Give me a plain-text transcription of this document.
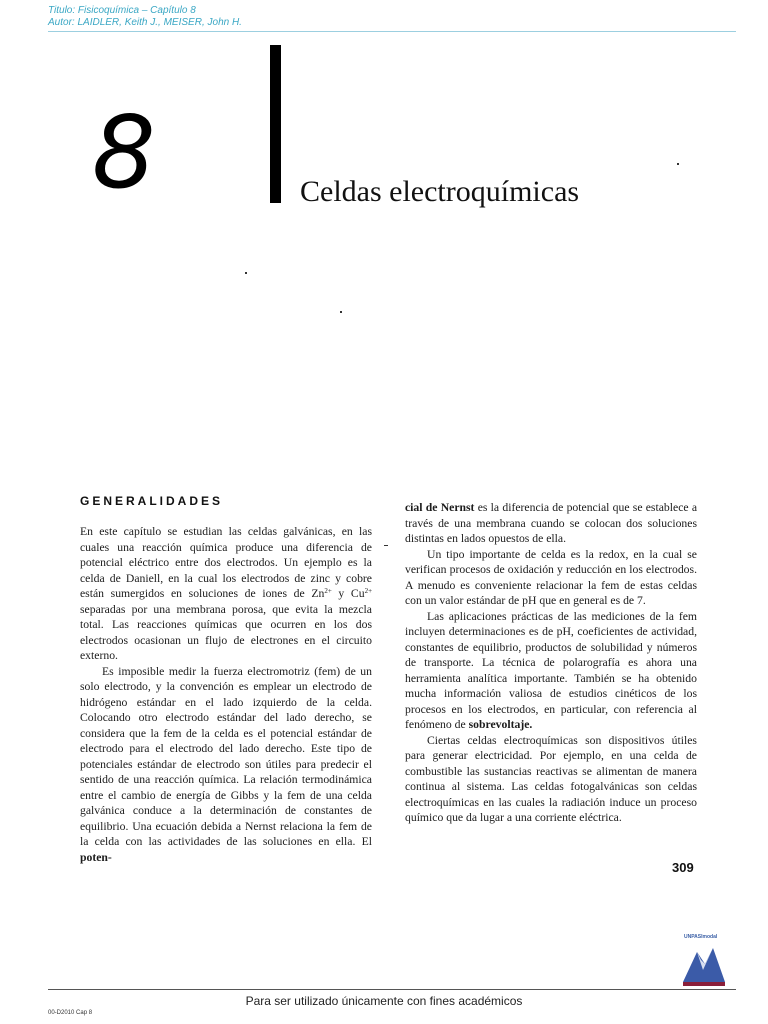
Titulo: Fisicoquímica – Capítulo 8
Autor: LAIDLER, Keith J., MEISER, John H.
8	Celdas electroquímicas
GENERALIDADES

En este capítulo se estudian las celdas galvánicas, en las cuales una reacción química produce una diferencia de potencial eléctrico entre dos electrodos. Un ejemplo es la celda de Daniell, en la cual los electrodos de zinc y cobre están sumergidos en soluciones de iones de $Zn^{2+}$ y $Cu^{2+}$ separadas por una membrana porosa, que evita la mezcla total. Las reacciones químicas que ocurren en los dos electrodos ocasionan un flujo de electrones en el circuito externo.

Es imposible medir la fuerza electromotriz (fem) de un solo electrodo, y la convención es emplear un electrodo de hidrógeno estándar en el lado izquierdo de la celda. Colocando otro electrodo estándar del lado derecho, se considera que la fem de la celda es el potencial estándar de electrodo para el electrodo del lado derecho. Este tipo de potenciales estándar de electrodo son útiles para predecir el sentido de una reacción química. La relación termodinámica entre el cambio de energía de Gibbs y la fem de una celda galvánica conduce a la determinación de constantes de equilibrio. Una ecuación debida a Nernst relaciona la fem de la celda con las actividades de las soluciones en ella. El poten-

cial de Nernst es la diferencia de potencial que se establece a través de una membrana cuando se colocan dos soluciones distintas en lados opuestos de ella.

Un tipo importante de celda es la redox, en la cual se verifican procesos de oxidación y reducción en los electrodos. A menudo es conveniente relacionar la fem de estas celdas con un valor estándar de pH que en general es de 7.

Las aplicaciones prácticas de las mediciones de la fem incluyen determinaciones es de pH, coeficientes de actividad, constantes de equilibrio, productos de solubilidad y números de transporte. La técnica de polarografía es ahora una herramienta analítica importante. También se ha obtenido mucha información valiosa de estudios cinéticos de los procesos en los electrodos, en particular, con referencia al fenómeno de sobrevoltaje.

Ciertas celdas electroquímicas son dispositivos útiles para generar electricidad. Por ejemplo, en una celda de combustible las sustancias reactivas se alimentan de manera continua al sistema. Las celdas fotogalvánicas son celdas electroquímicas en las cuales la radiación induce un proceso químico que da lugar a una corriente eléctrica.

309
UNPASImodal
Para ser utilizado únicamente con fines académicos
00-D2010 Cap 8
